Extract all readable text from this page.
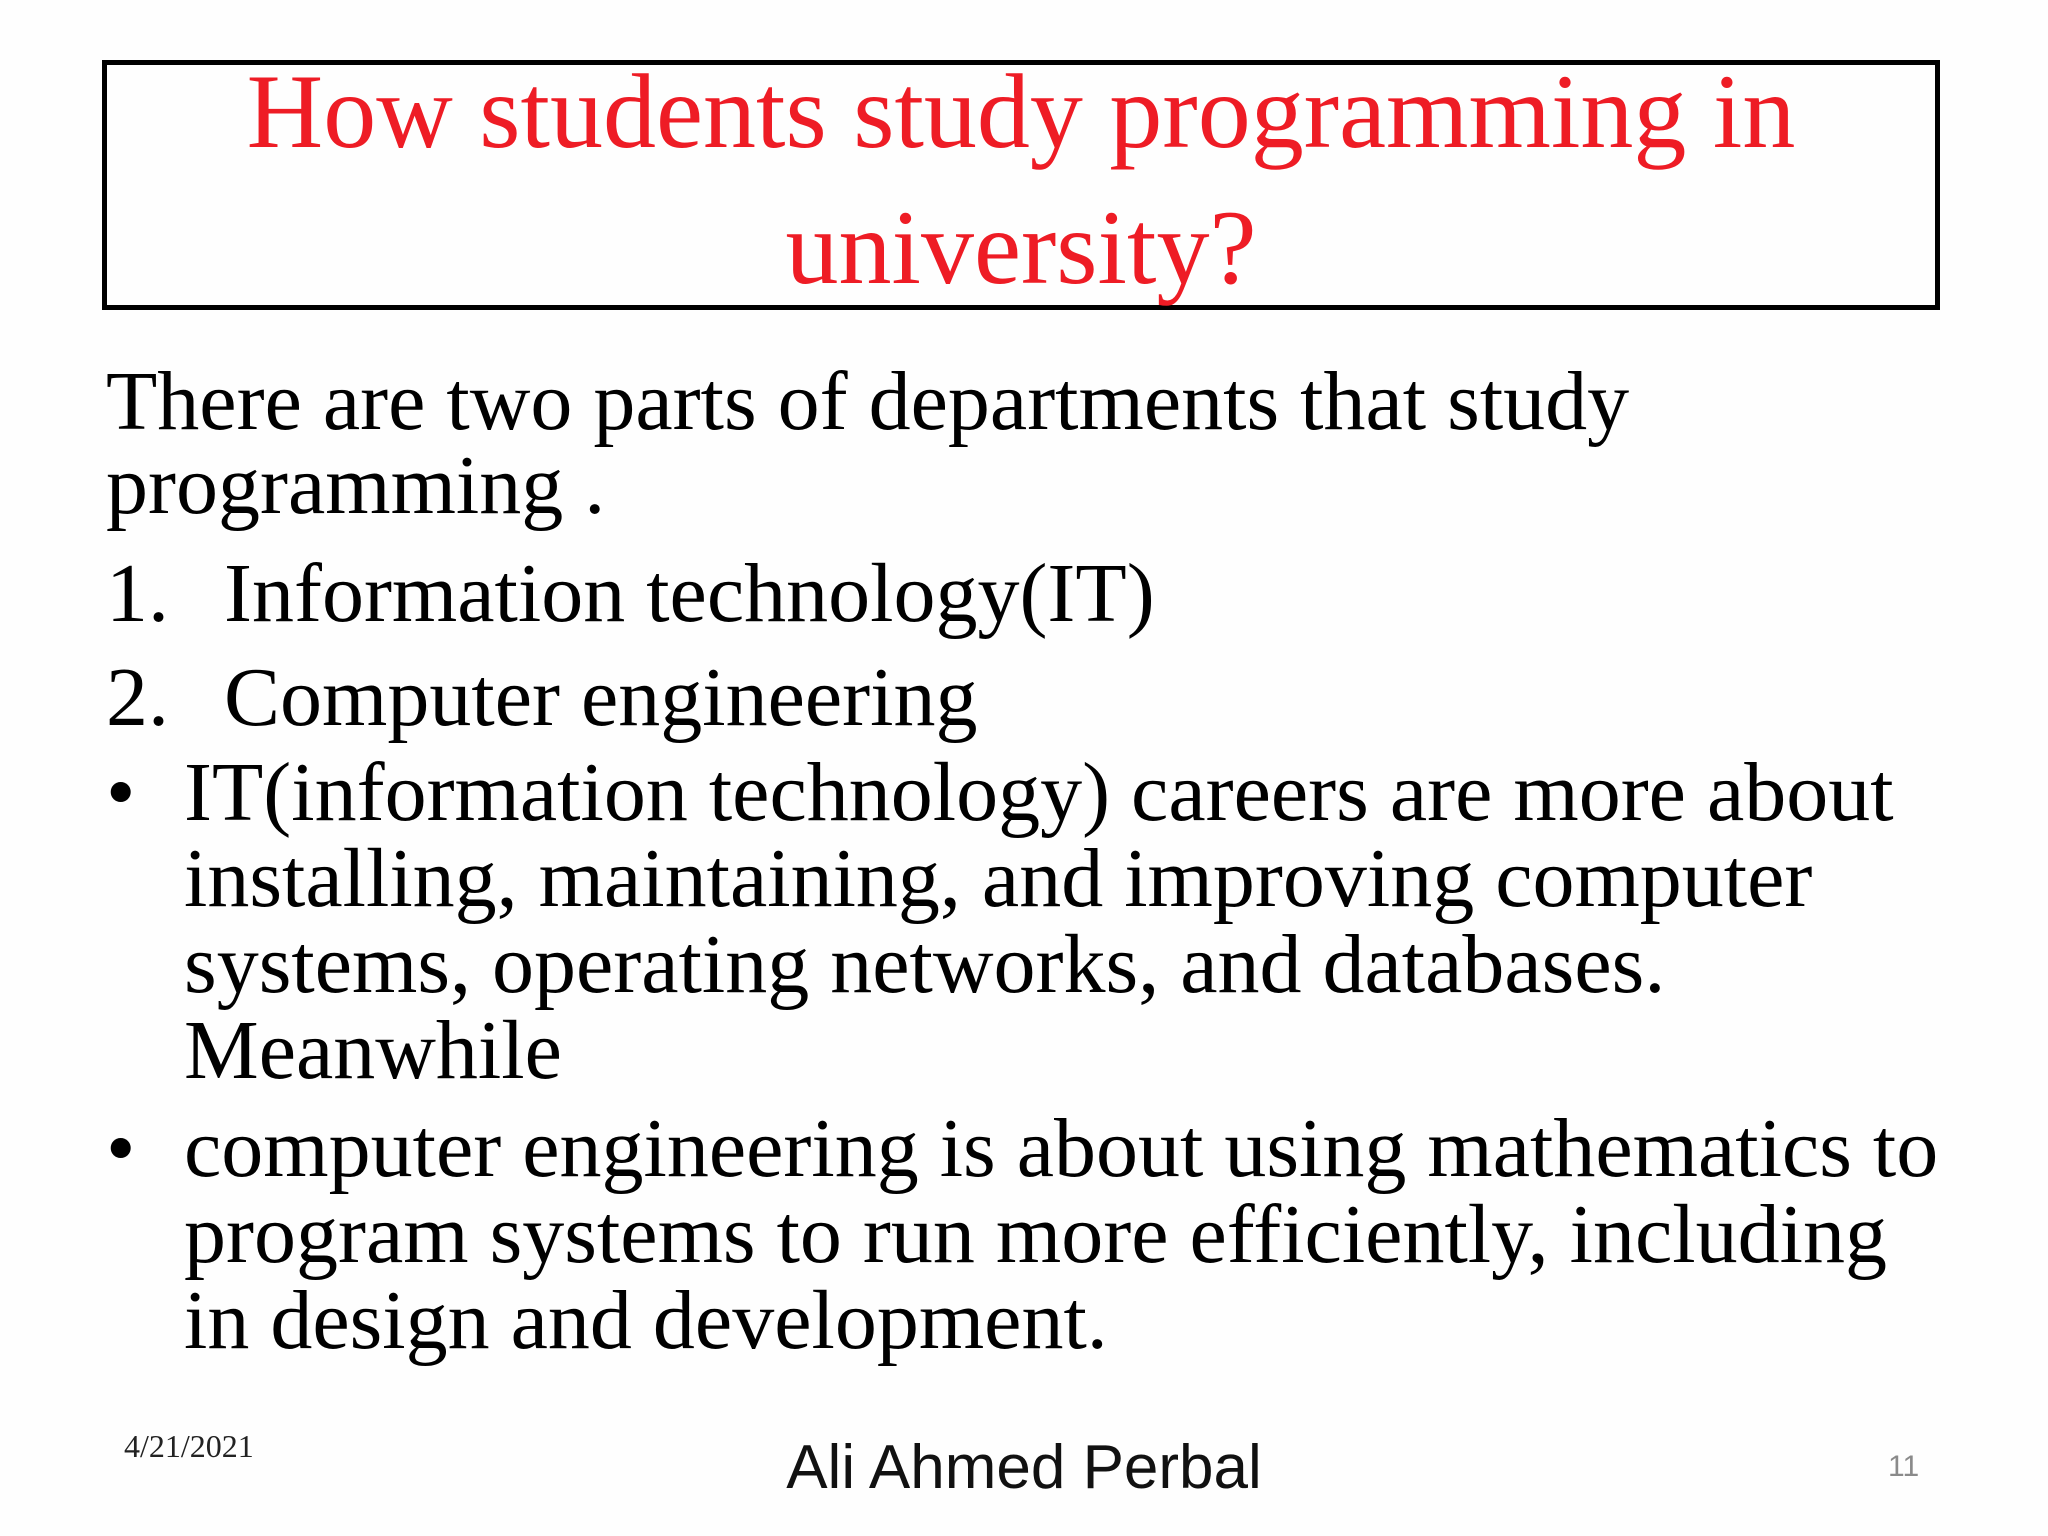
How students study programming in university?

There are two parts of departments that study programming .

1. Information technology(IT)
2. Computer engineering
• IT(information technology) careers are more about installing, maintaining, and improving computer systems, operating networks, and databases. Meanwhile
• computer engineering is about using mathematics to program systems to run more efficiently, including in design and development.
4/21/2021	Ali Ahmed Perbal	11
